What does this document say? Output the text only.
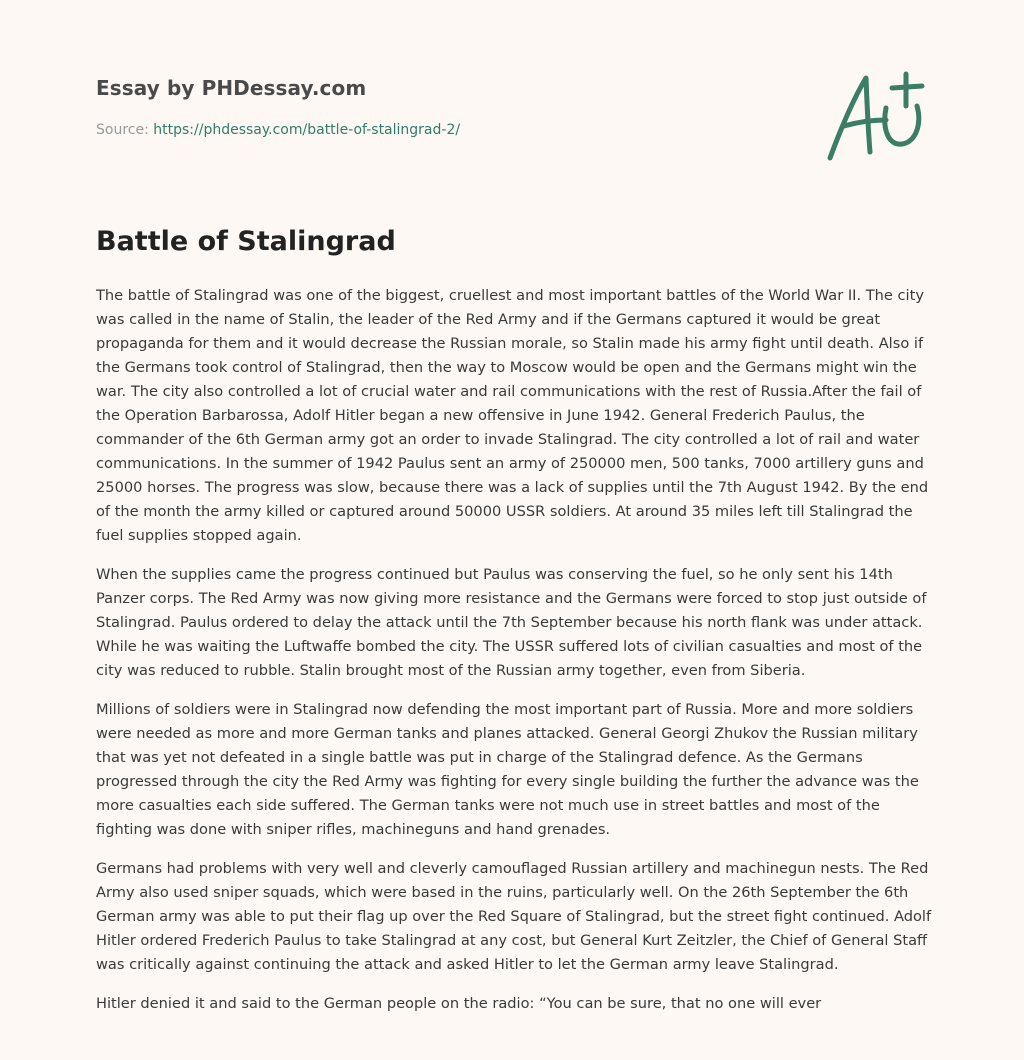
Essay by PHDessay.com
Source: https://phdessay.com/battle-of-stalingrad-2/
Battle of Stalingrad

The battle of Stalingrad was one of the biggest, cruellest and most important battles of the World War II. The city was called in the name of Stalin, the leader of the Red Army and if the Germans captured it would be great propaganda for them and it would decrease the Russian morale, so Stalin made his army fight until death. Also if the Germans took control of Stalingrad, then the way to Moscow would be open and the Germans might win the war. The city also controlled a lot of crucial water and rail communications with the rest of Russia.After the fail of the Operation Barbarossa, Adolf Hitler began a new offensive in June 1942. General Frederich Paulus, the commander of the 6th German army got an order to invade Stalingrad. The city controlled a lot of rail and water communications. In the summer of 1942 Paulus sent an army of 250000 men, 500 tanks, 7000 artillery guns and 25000 horses. The progress was slow, because there was a lack of supplies until the 7th August 1942. By the end of the month the army killed or captured around 50000 USSR soldiers. At around 35 miles left till Stalingrad the fuel supplies stopped again.

When the supplies came the progress continued but Paulus was conserving the fuel, so he only sent his 14th Panzer corps. The Red Army was now giving more resistance and the Germans were forced to stop just outside of Stalingrad. Paulus ordered to delay the attack until the 7th September because his north flank was under attack. While he was waiting the Luftwaffe bombed the city. The USSR suffered lots of civilian casualties and most of the city was reduced to rubble. Stalin brought most of the Russian army together, even from Siberia.

Millions of soldiers were in Stalingrad now defending the most important part of Russia. More and more soldiers were needed as more and more German tanks and planes attacked. General Georgi Zhukov the Russian military that was yet not defeated in a single battle was put in charge of the Stalingrad defence. As the Germans progressed through the city the Red Army was fighting for every single building the further the advance was the more casualties each side suffered. The German tanks were not much use in street battles and most of the fighting was done with sniper rifles, machineguns and hand grenades.

Germans had problems with very well and cleverly camouflaged Russian artillery and machinegun nests. The Red Army also used sniper squads, which were based in the ruins, particularly well. On the 26th September the 6th German army was able to put their flag up over the Red Square of Stalingrad, but the street fight continued. Adolf Hitler ordered Frederich Paulus to take Stalingrad at any cost, but General Kurt Zeitzler, the Chief of General Staff was critically against continuing the attack and asked Hitler to let the German army leave Stalingrad.

Hitler denied it and said to the German people on the radio: “You can be sure, that no one will ever
